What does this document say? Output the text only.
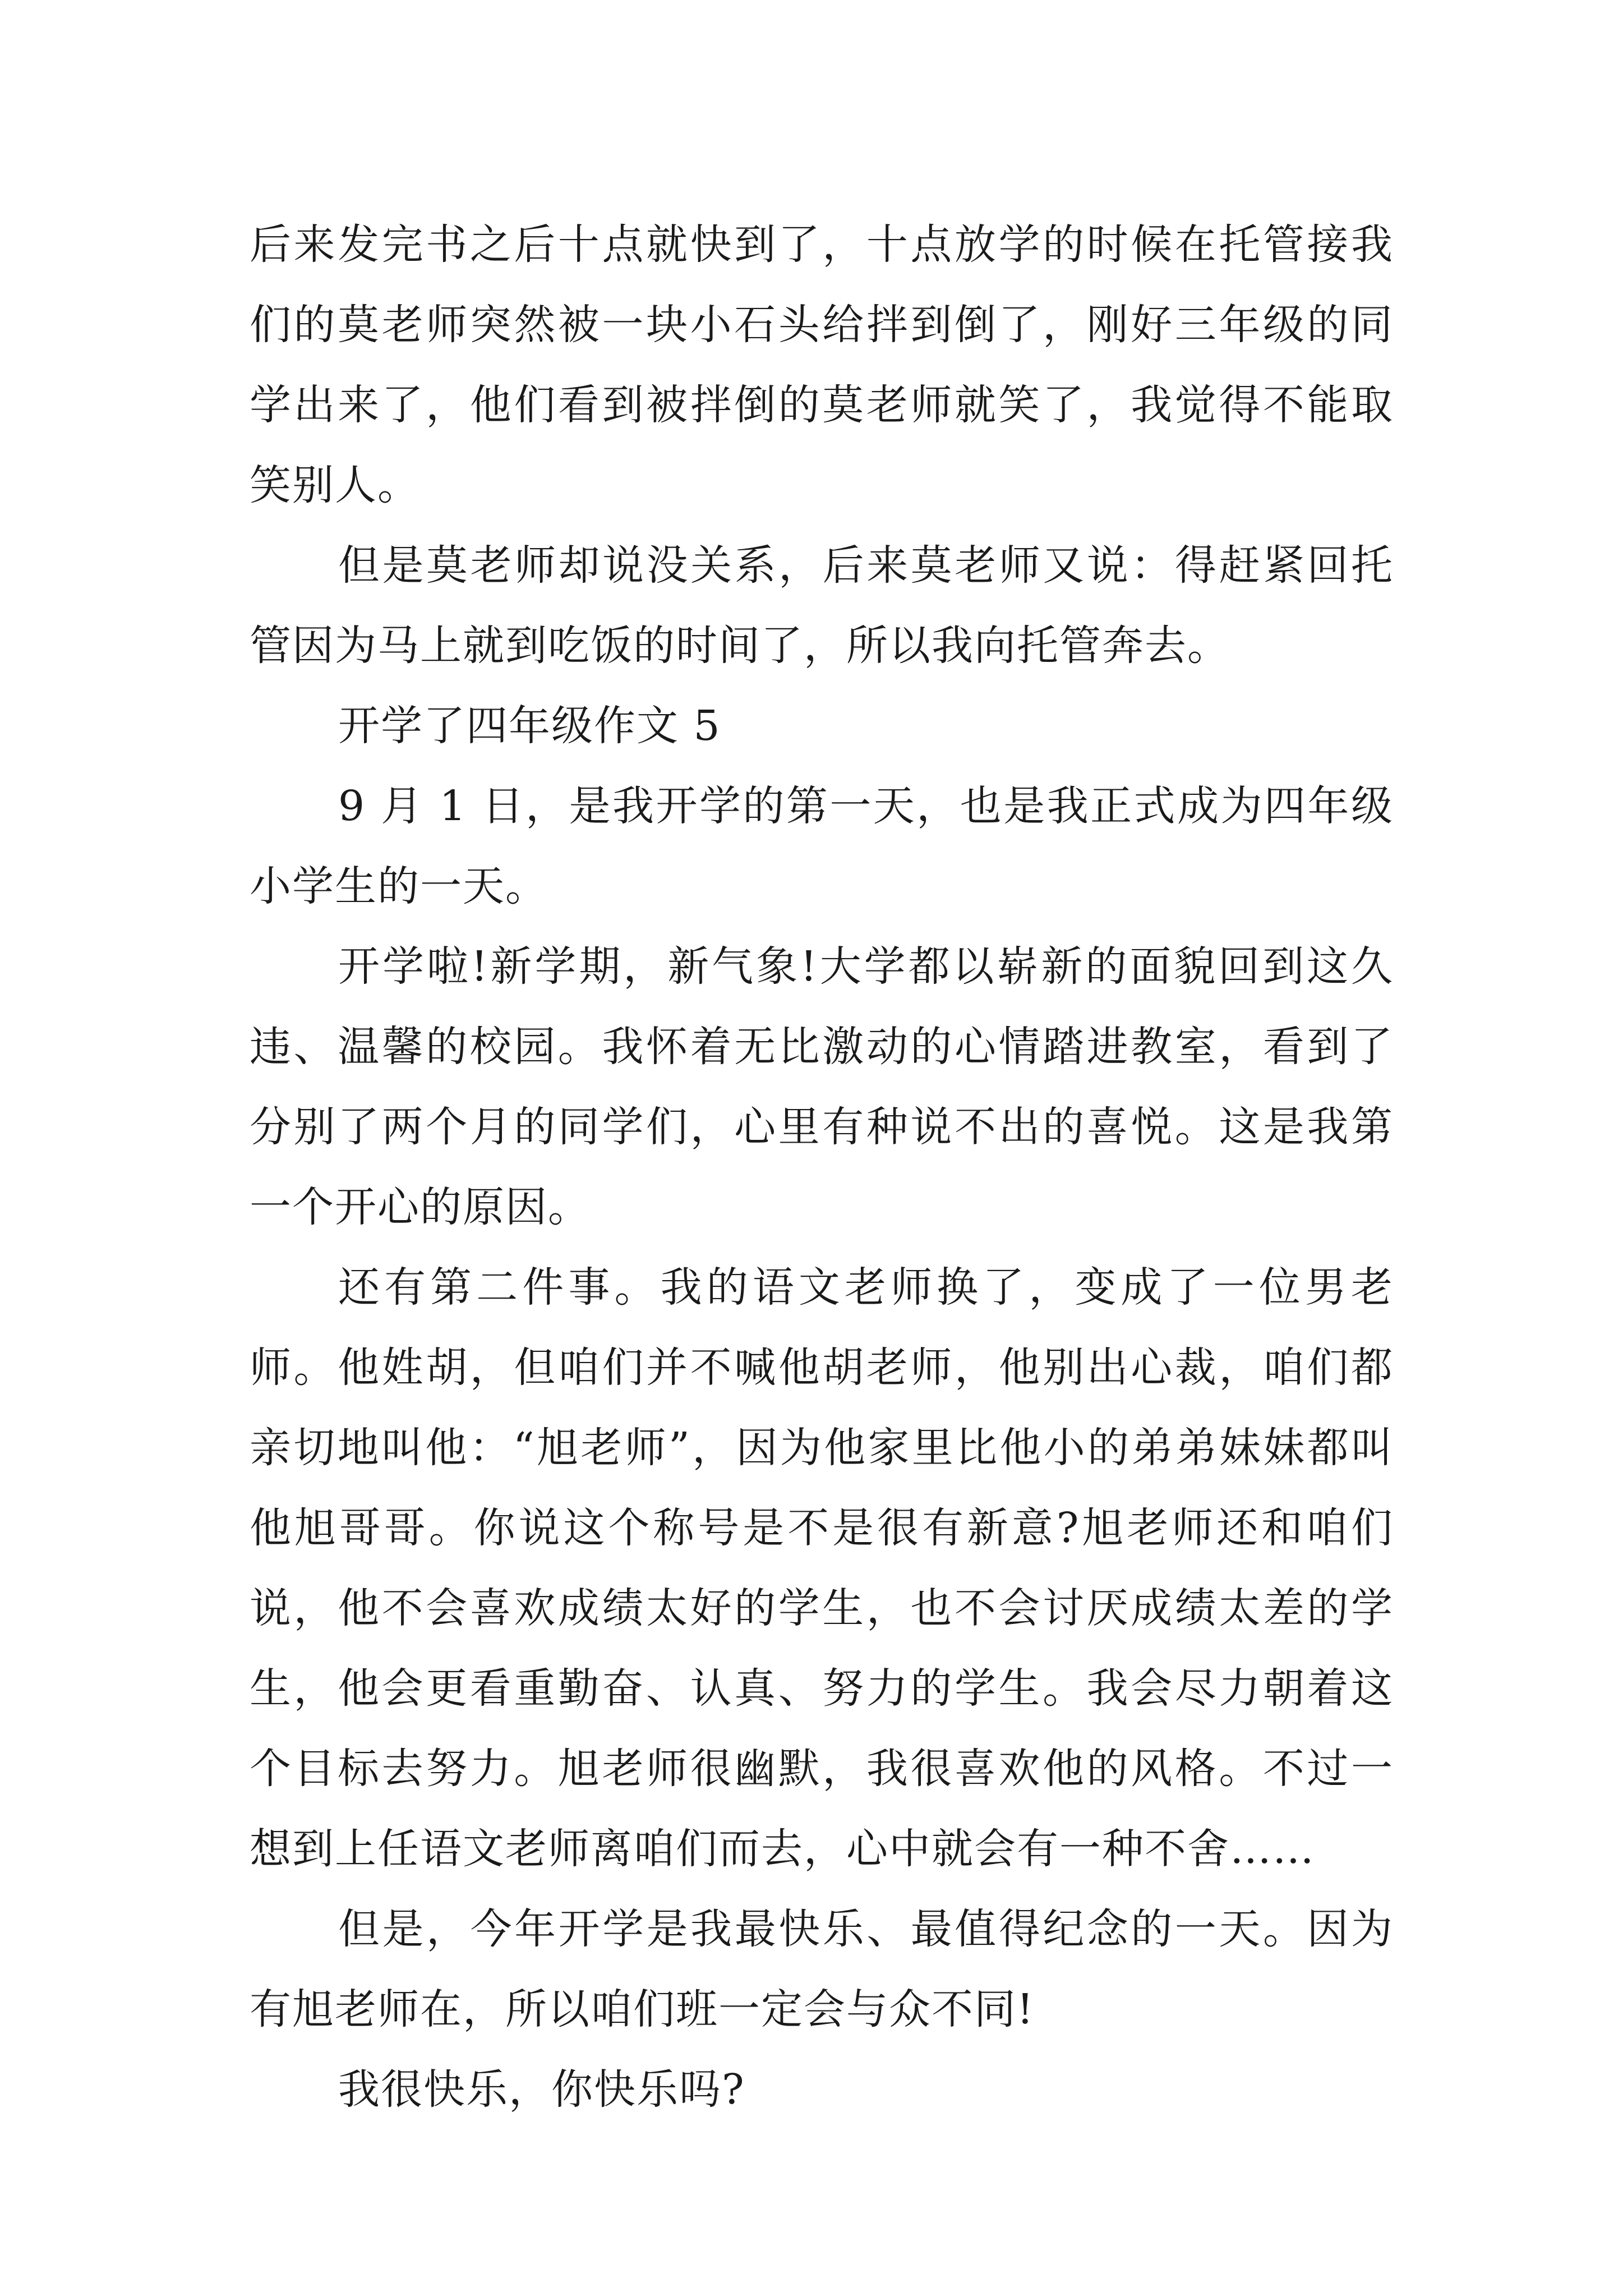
后来发完书之后十点就快到了，十点放学的时候在托管接我们的莫老师突然被一块小石头给拌到倒了，刚好三年级的同学出来了，他们看到被拌倒的莫老师就笑了，我觉得不能取笑别人。

但是莫老师却说没关系，后来莫老师又说：得赶紧回托管因为马上就到吃饭的时间了，所以我向托管奔去。

开学了四年级作文 5

9 月 1 日，是我开学的第一天，也是我正式成为四年级小学生的一天。

开学啦!新学期，新气象!大学都以崭新的面貌回到这久违、温馨的校园。我怀着无比激动的心情踏进教室，看到了分别了两个月的同学们，心里有种说不出的喜悦。这是我第一个开心的原因。

还有第二件事。我的语文老师换了，变成了一位男老师。他姓胡，但咱们并不喊他胡老师，他别出心裁，咱们都亲切地叫他：“旭老师”，因为他家里比他小的弟弟妹妹都叫他旭哥哥。你说这个称号是不是很有新意?旭老师还和咱们说，他不会喜欢成绩太好的学生，也不会讨厌成绩太差的学生，他会更看重勤奋、认真、努力的学生。我会尽力朝着这个目标去努力。旭老师很幽默，我很喜欢他的风格。不过一想到上任语文老师离咱们而去，心中就会有一种不舍……

但是，今年开学是我最快乐、最值得纪念的一天。因为有旭老师在，所以咱们班一定会与众不同!

我很快乐，你快乐吗?
